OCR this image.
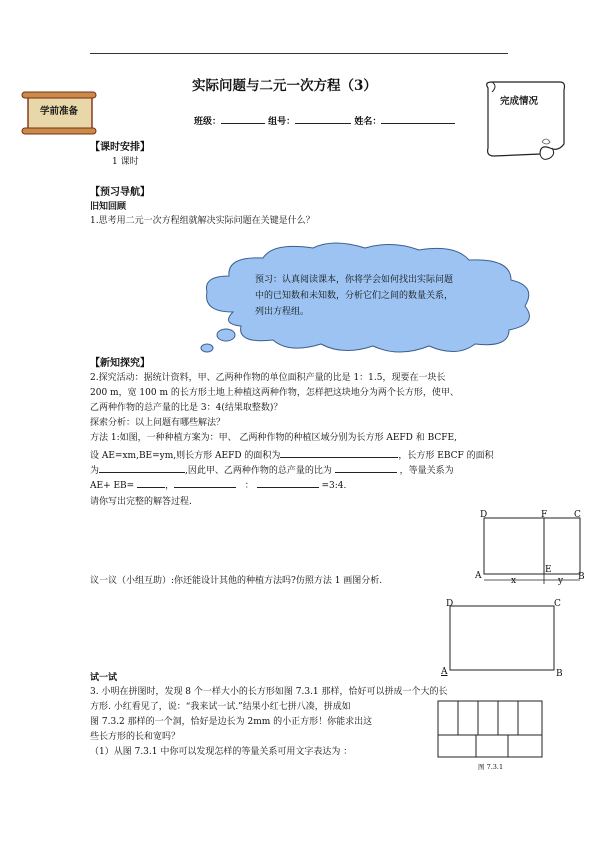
学前准备
实际问题与二元一次方程（3）
班级：	组号：	姓名：
完成情况
【课时安排】
1 课时
【预习导航】
旧知回顾
1.思考用二元一次方程组就解决实际问题在关键是什么？
预习：认真阅读课本，你将学会如何找出实际问题
中的已知数和未知数，分析它们之间的数量关系，
列出方程组。
【新知探究】
2.探究活动：据统计资料，甲、乙两种作物的单位面积产量的比是 1：1.5，现要在一块长
200 m，宽 100 m 的长方形土地上种植这两种作物，怎样把这块地分为两个长方形，使甲、
乙两种作物的总产量的比是 3：4(结果取整数)？
探索分析：以上问题有哪些解法？
方法 1:如图，一种种植方案为：甲、 乙两种作物的种植区域分别为长方形 AEFD 和 BCFE,
设 AE=xm,BE=ym,则长方形 AEFD 的面积为	，长方形 EBCF 的面积
为	,因此甲、乙两种作物的总产量的比为	，等量关系为
AE+ EB=	，	：	=3:4.
请你写出完整的解答过程.
议一议（小组互助）:你还能设计其他的种植方法吗?仿照方法 1 画图分析.
D	F	C
A
E
B
x	y
D	C
A	B
试一试
3. 小明在拼图时，发现 8 个一样大小的长方形如图 7.3.1 那样，恰好可以拼成一个大的长
方形. 小红看见了，说：“我来试一试.”结果小红七拼八凑，拼成如
图 7.3.2 那样的一个洞，恰好是边长为 2mm 的小正方形！你能求出这
些长方形的长和宽吗？
（1）从图 7.3.1 中你可以发现怎样的等量关系可用文字表达为 ：
图 7.3.1
